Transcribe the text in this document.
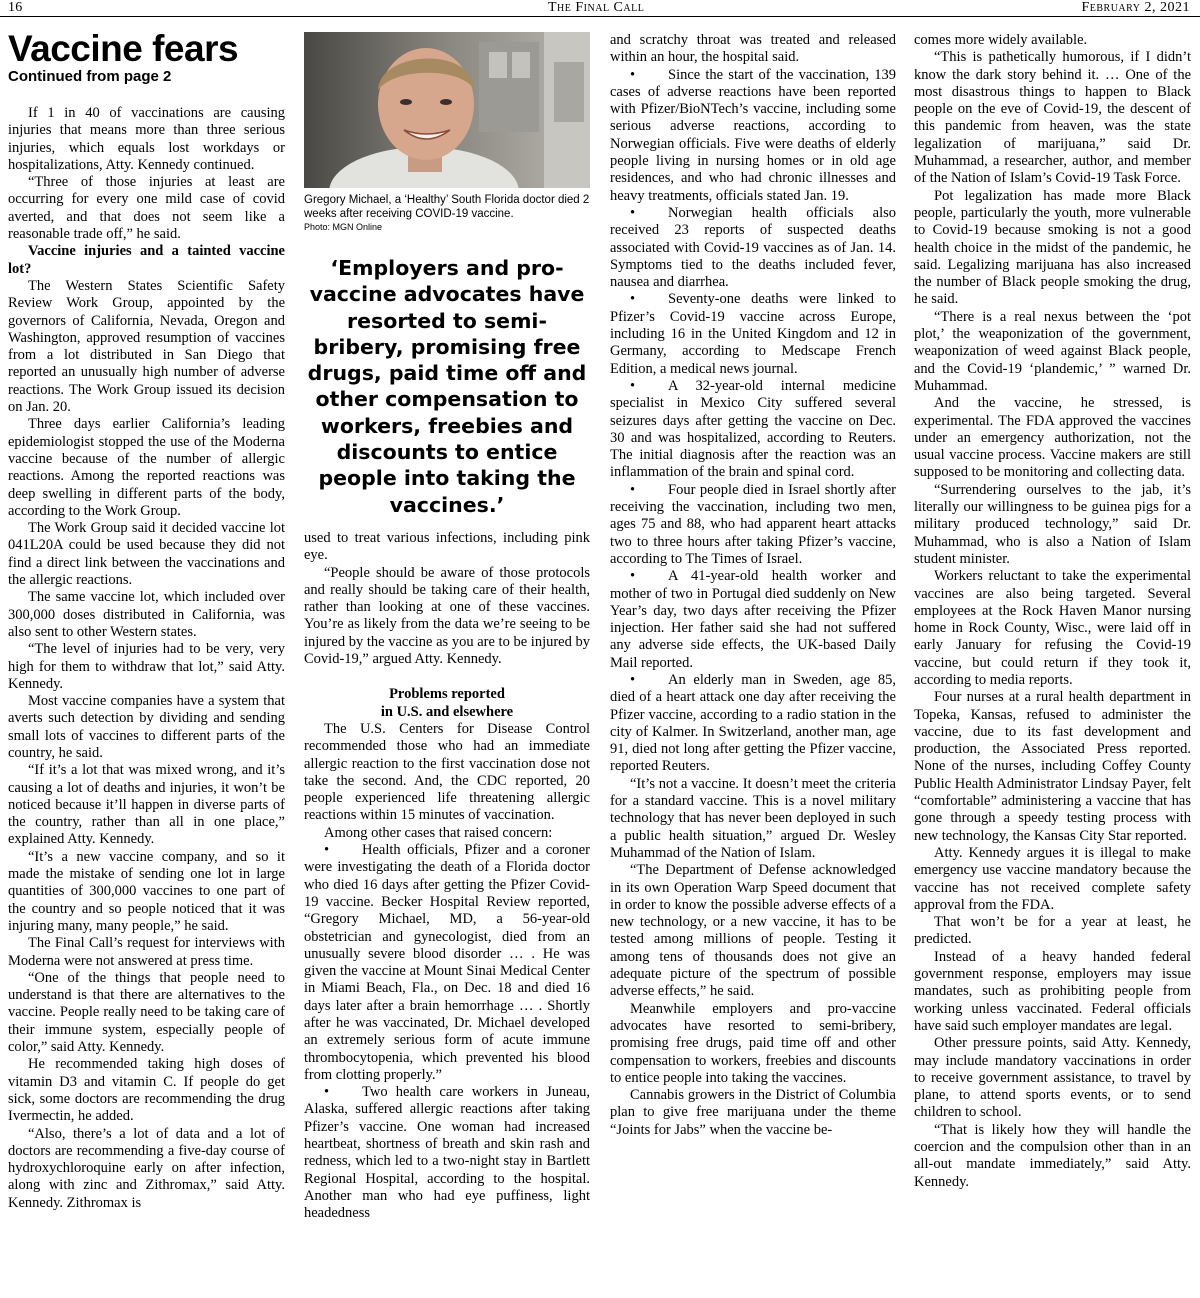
16	The Final Call	February 2, 2021
Vaccine fears
Continued from page 2

If 1 in 40 of vaccinations are causing injuries that means more than three serious injuries, which equals lost workdays or hospitalizations, Atty. Kennedy continued.

“Three of those injuries at least are occurring for every one mild case of covid averted, and that does not seem like a reasonable trade off,” he said.

Vaccine injuries and a tainted vaccine lot?

The Western States Scientific Safety Review Work Group, appointed by the governors of California, Nevada, Oregon and Washington, approved resumption of vaccines from a lot distributed in San Diego that reported an unusually high number of adverse reactions. The Work Group issued its decision on Jan. 20.

Three days earlier California’s leading epidemiologist stopped the use of the Moderna vaccine because of the number of allergic reactions. Among the reported reactions was deep swelling in different parts of the body, according to the Work Group.

The Work Group said it decided vaccine lot 041L20A could be used because they did not find a direct link between the vaccinations and the allergic reactions.

The same vaccine lot, which included over 300,000 doses distributed in California, was also sent to other Western states.

“The level of injuries had to be very, very high for them to withdraw that lot,” said Atty. Kennedy.

Most vaccine companies have a system that averts such detection by dividing and sending small lots of vaccines to different parts of the country, he said.

“If it’s a lot that was mixed wrong, and it’s causing a lot of deaths and injuries, it won’t be noticed because it’ll happen in diverse parts of the country, rather than all in one place,” explained Atty. Kennedy.

“It’s a new vaccine company, and so it made the mistake of sending one lot in large quantities of 300,000 vaccines to one part of the country and so people noticed that it was injuring many, many people,” he said.

The Final Call’s request for interviews with Moderna were not answered at press time.

“One of the things that people need to understand is that there are alternatives to the vaccine. People really need to be taking care of their immune system, especially people of color,” said Atty. Kennedy.

He recommended taking high doses of vitamin D3 and vitamin C. If people do get sick, some doctors are recommending the drug Ivermectin, he added.

“Also, there’s a lot of data and a lot of doctors are recommending a five-day course of hydroxychloroquine early on after infection, along with zinc and Zithromax,” said Atty. Kennedy. Zithromax is

Gregory Michael, a ‘Healthy’ South Florida doctor died 2 weeks after receiving COVID-19 vaccine.
Photo: MGN Online
‘Employers and pro-vaccine advocates have resorted to semi-bribery, promising free drugs, paid time off and other compensation to workers, freebies and discounts to entice people into taking the vaccines.’

used to treat various infections, including pink eye.

“People should be aware of those protocols and really should be taking care of their health, rather than looking at one of these vaccines. You’re as likely from the data we’re seeing to be injured by the vaccine as you are to be injured by Covid-19,” argued Atty. Kennedy.

Problems reported
in U.S. and elsewhere

The U.S. Centers for Disease Control recommended those who had an immediate allergic reaction to the first vaccination dose not take the second. And, the CDC reported, 20 people experienced life threatening allergic reactions within 15 minutes of vaccination.

Among other cases that raised concern:

• Health officials, Pfizer and a coroner were investigating the death of a Florida doctor who died 16 days after getting the Pfizer Covid-19 vaccine. Becker Hospital Review reported, “Gregory Michael, MD, a 56-year-old obstetrician and gynecologist, died from an unusually severe blood disorder … . He was given the vaccine at Mount Sinai Medical Center in Miami Beach, Fla., on Dec. 18 and died 16 days later after a brain hemorrhage … . Shortly after he was vaccinated, Dr. Michael developed an extremely serious form of acute immune thrombocytopenia, which prevented his blood from clotting properly.”

• Two health care workers in Juneau, Alaska, suffered allergic reactions after taking Pfizer’s vaccine. One woman had increased heartbeat, shortness of breath and skin rash and redness, which led to a two-night stay in Bartlett Regional Hospital, according to the hospital. Another man who had eye puffiness, light headedness

and scratchy throat was treated and released within an hour, the hospital said.

• Since the start of the vaccination, 139 cases of adverse reactions have been reported with Pfizer/BioNTech’s vaccine, including some serious adverse reactions, according to Norwegian officials. Five were deaths of elderly people living in nursing homes or in old age residences, and who had chronic illnesses and heavy treatments, officials stated Jan. 19.

• Norwegian health officials also received 23 reports of suspected deaths associated with Covid-19 vaccines as of Jan. 14. Symptoms tied to the deaths included fever, nausea and diarrhea.

• Seventy-one deaths were linked to Pfizer’s Covid-19 vaccine across Europe, including 16 in the United Kingdom and 12 in Germany, according to Medscape French Edition, a medical news journal.

• A 32-year-old internal medicine specialist in Mexico City suffered several seizures days after getting the vaccine on Dec. 30 and was hospitalized, according to Reuters. The initial diagnosis after the reaction was an inflammation of the brain and spinal cord.

• Four people died in Israel shortly after receiving the vaccination, including two men, ages 75 and 88, who had apparent heart attacks two to three hours after taking Pfizer’s vaccine, according to The Times of Israel.

• A 41-year-old health worker and mother of two in Portugal died suddenly on New Year’s day, two days after receiving the Pfizer injection. Her father said she had not suffered any adverse side effects, the UK-based Daily Mail reported.

• An elderly man in Sweden, age 85, died of a heart attack one day after receiving the Pfizer vaccine, according to a radio station in the city of Kalmer. In Switzerland, another man, age 91, died not long after getting the Pfizer vaccine, reported Reuters.

“It’s not a vaccine. It doesn’t meet the criteria for a standard vaccine. This is a novel military technology that has never been deployed in such a public health situation,” argued Dr. Wesley Muhammad of the Nation of Islam.

“The Department of Defense acknowledged in its own Operation Warp Speed document that in order to know the possible adverse effects of a new technology, or a new vaccine, it has to be tested among millions of people. Testing it among tens of thousands does not give an adequate picture of the spectrum of possible adverse effects,” he said.

Meanwhile employers and pro-vaccine advocates have resorted to semi-bribery, promising free drugs, paid time off and other compensation to workers, freebies and discounts to entice people into taking the vaccines.

Cannabis growers in the District of Columbia plan to give free marijuana under the theme “Joints for Jabs” when the vaccine be-

comes more widely available.

“This is pathetically humorous, if I didn’t know the dark story behind it. … One of the most disastrous things to happen to Black people on the eve of Covid-19, the descent of this pandemic from heaven, was the state legalization of marijuana,” said Dr. Muhammad, a researcher, author, and member of the Nation of Islam’s Covid-19 Task Force.

Pot legalization has made more Black people, particularly the youth, more vulnerable to Covid-19 because smoking is not a good health choice in the midst of the pandemic, he said. Legalizing marijuana has also increased the number of Black people smoking the drug, he said.

“There is a real nexus between the ‘pot plot,’ the weaponization of the government, weaponization of weed against Black people, and the Covid-19 ‘plandemic,’ ” warned Dr. Muhammad.

And the vaccine, he stressed, is experimental. The FDA approved the vaccines under an emergency authorization, not the usual vaccine process. Vaccine makers are still supposed to be monitoring and collecting data.

“Surrendering ourselves to the jab, it’s literally our willingness to be guinea pigs for a military produced technology,” said Dr. Muhammad, who is also a Nation of Islam student minister.

Workers reluctant to take the experimental vaccines are also being targeted. Several employees at the Rock Haven Manor nursing home in Rock County, Wisc., were laid off in early January for refusing the Covid-19 vaccine, but could return if they took it, according to media reports.

Four nurses at a rural health department in Topeka, Kansas, refused to administer the vaccine, due to its fast development and production, the Associated Press reported. None of the nurses, including Coffey County Public Health Administrator Lindsay Payer, felt “comfortable” administering a vaccine that has gone through a speedy testing process with new technology, the Kansas City Star reported.

Atty. Kennedy argues it is illegal to make emergency use vaccine mandatory because the vaccine has not received complete safety approval from the FDA.

That won’t be for a year at least, he predicted.

Instead of a heavy handed federal government response, employers may issue mandates, such as prohibiting people from working unless vaccinated. Federal officials have said such employer mandates are legal.

Other pressure points, said Atty. Kennedy, may include mandatory vaccinations in order to receive government assistance, to travel by plane, to attend sports events, or to send children to school.

“That is likely how they will handle the coercion and the compulsion other than in an all-out mandate immediately,” said Atty. Kennedy.
